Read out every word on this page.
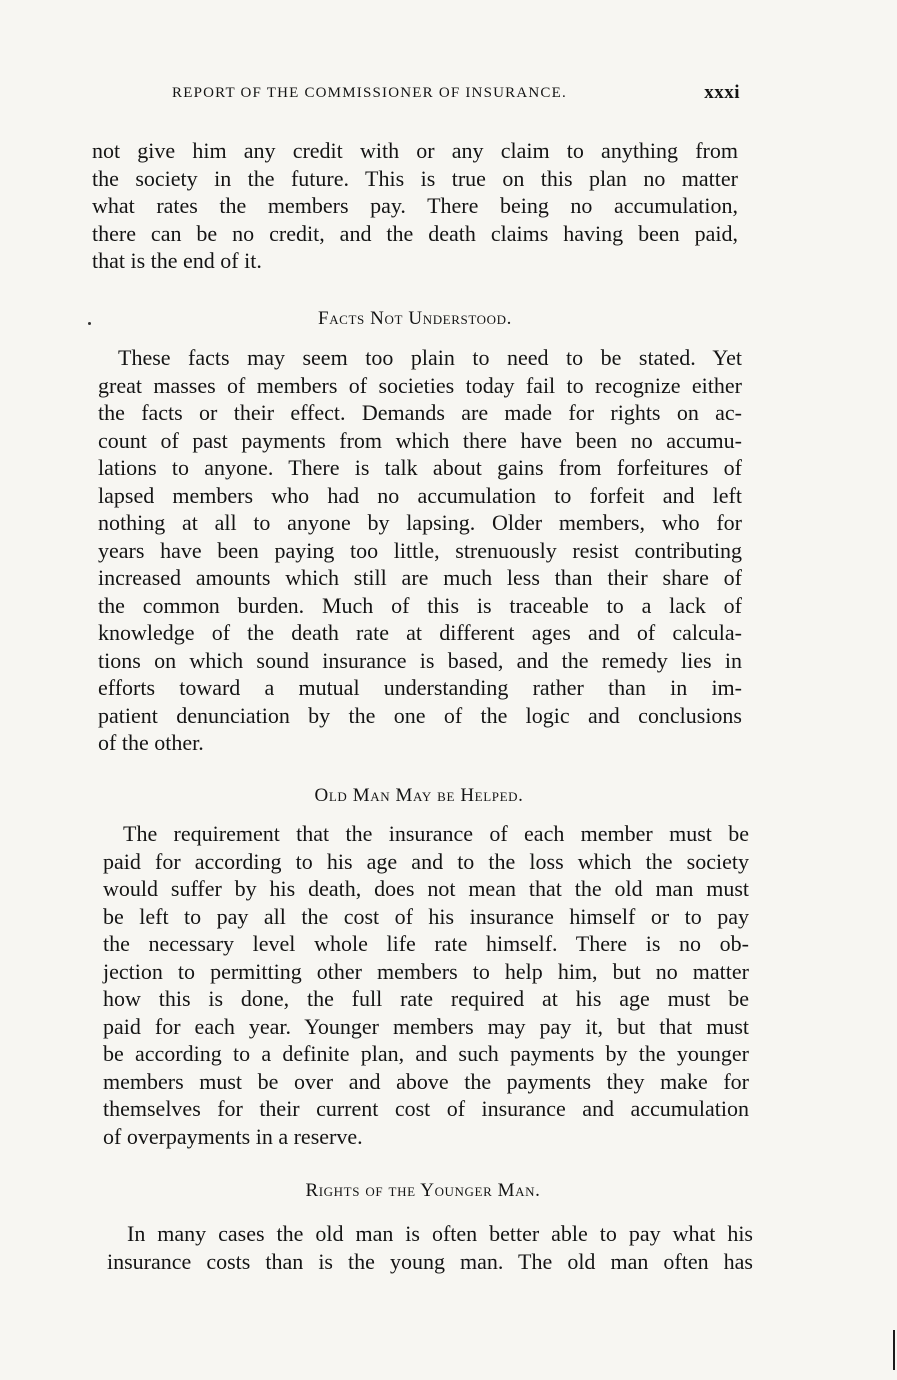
REPORT OF THE COMMISSIONER OF INSURANCE.	xxxi
not give him any credit with or any claim to anything from
the society in the future. This is true on this plan no matter
what rates the members pay. There being no accumulation,
there can be no credit, and the death claims having been paid,
that is the end of it.
Facts Not Understood.
These facts may seem too plain to need to be stated. Yet
great masses of members of societies today fail to recognize either
the facts or their effect. Demands are made for rights on ac-
count of past payments from which there have been no accumu-
lations to anyone. There is talk about gains from forfeitures of
lapsed members who had no accumulation to forfeit and left
nothing at all to anyone by lapsing. Older members, who for
years have been paying too little, strenuously resist contributing
increased amounts which still are much less than their share of
the common burden. Much of this is traceable to a lack of
knowledge of the death rate at different ages and of calcula-
tions on which sound insurance is based, and the remedy lies in
efforts toward a mutual understanding rather than in im-
patient denunciation by the one of the logic and conclusions
of the other.
Old Man May be Helped.
The requirement that the insurance of each member must be
paid for according to his age and to the loss which the society
would suffer by his death, does not mean that the old man must
be left to pay all the cost of his insurance himself or to pay
the necessary level whole life rate himself. There is no ob-
jection to permitting other members to help him, but no matter
how this is done, the full rate required at his age must be
paid for each year. Younger members may pay it, but that must
be according to a definite plan, and such payments by the younger
members must be over and above the payments they make for
themselves for their current cost of insurance and accumulation
of overpayments in a reserve.
Rights of the Younger Man.
In many cases the old man is often better able to pay what his
insurance costs than is the young man. The old man often has
